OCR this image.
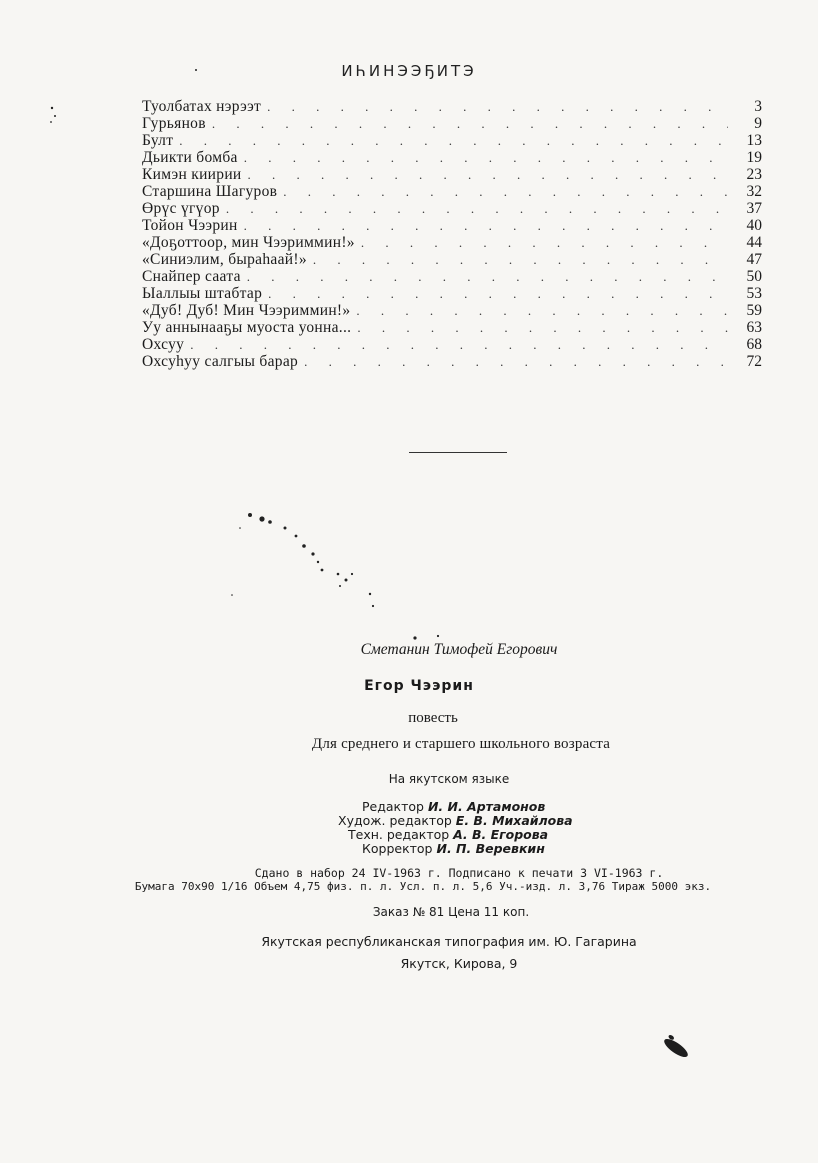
ИҺИНЭЭҔИТЭ
Туолбатах нэрээт . . .	3
Гурьянов . . .	9
Булт . . .	13
Дьикти бомба . . .	19
Кимэн киирии . . .	23
Старшина Шагуров . . .	32
Өрүс үгүор . . .	37
Тойон Чээрин . . .	40
«Доҕоттоор, мин Чээриммин!» . . .	44
«Синиэлим, быраһаай!» . . .	47
Снайпер саата . . .	50
Ыаллыы штабтар . . .	53
«Дуб! Дуб! Мин Чээриммин!» . . .	59
Уу аннынааҕы муоста уонна... . . .	63
Охсуу . . .	68
Охсуһуу салгыы барар . . .	72
Сметанин Тимофей Егорович
Егор Чээрин
повесть
Для среднего и старшего школьного возраста
На якутском языке
Редактор И. И. Артамонов
Худож. редактор Е. В. Михайлова
Техн. редактор А. В. Егорова
Корректор И. П. Веревкин
Сдано в набор 24 IV-1963 г. Подписано к печати 3 VI-1963 г.
Бумага 70х90 1/16 Объем 4,75 физ. п. л. Усл. п. л. 5,6 Уч.-изд. л. 3,76 Тираж 5000 экз.
Заказ № 81 Цена 11 коп.
Якутская республиканская типография им. Ю. Гагарина
Якутск, Кирова, 9
